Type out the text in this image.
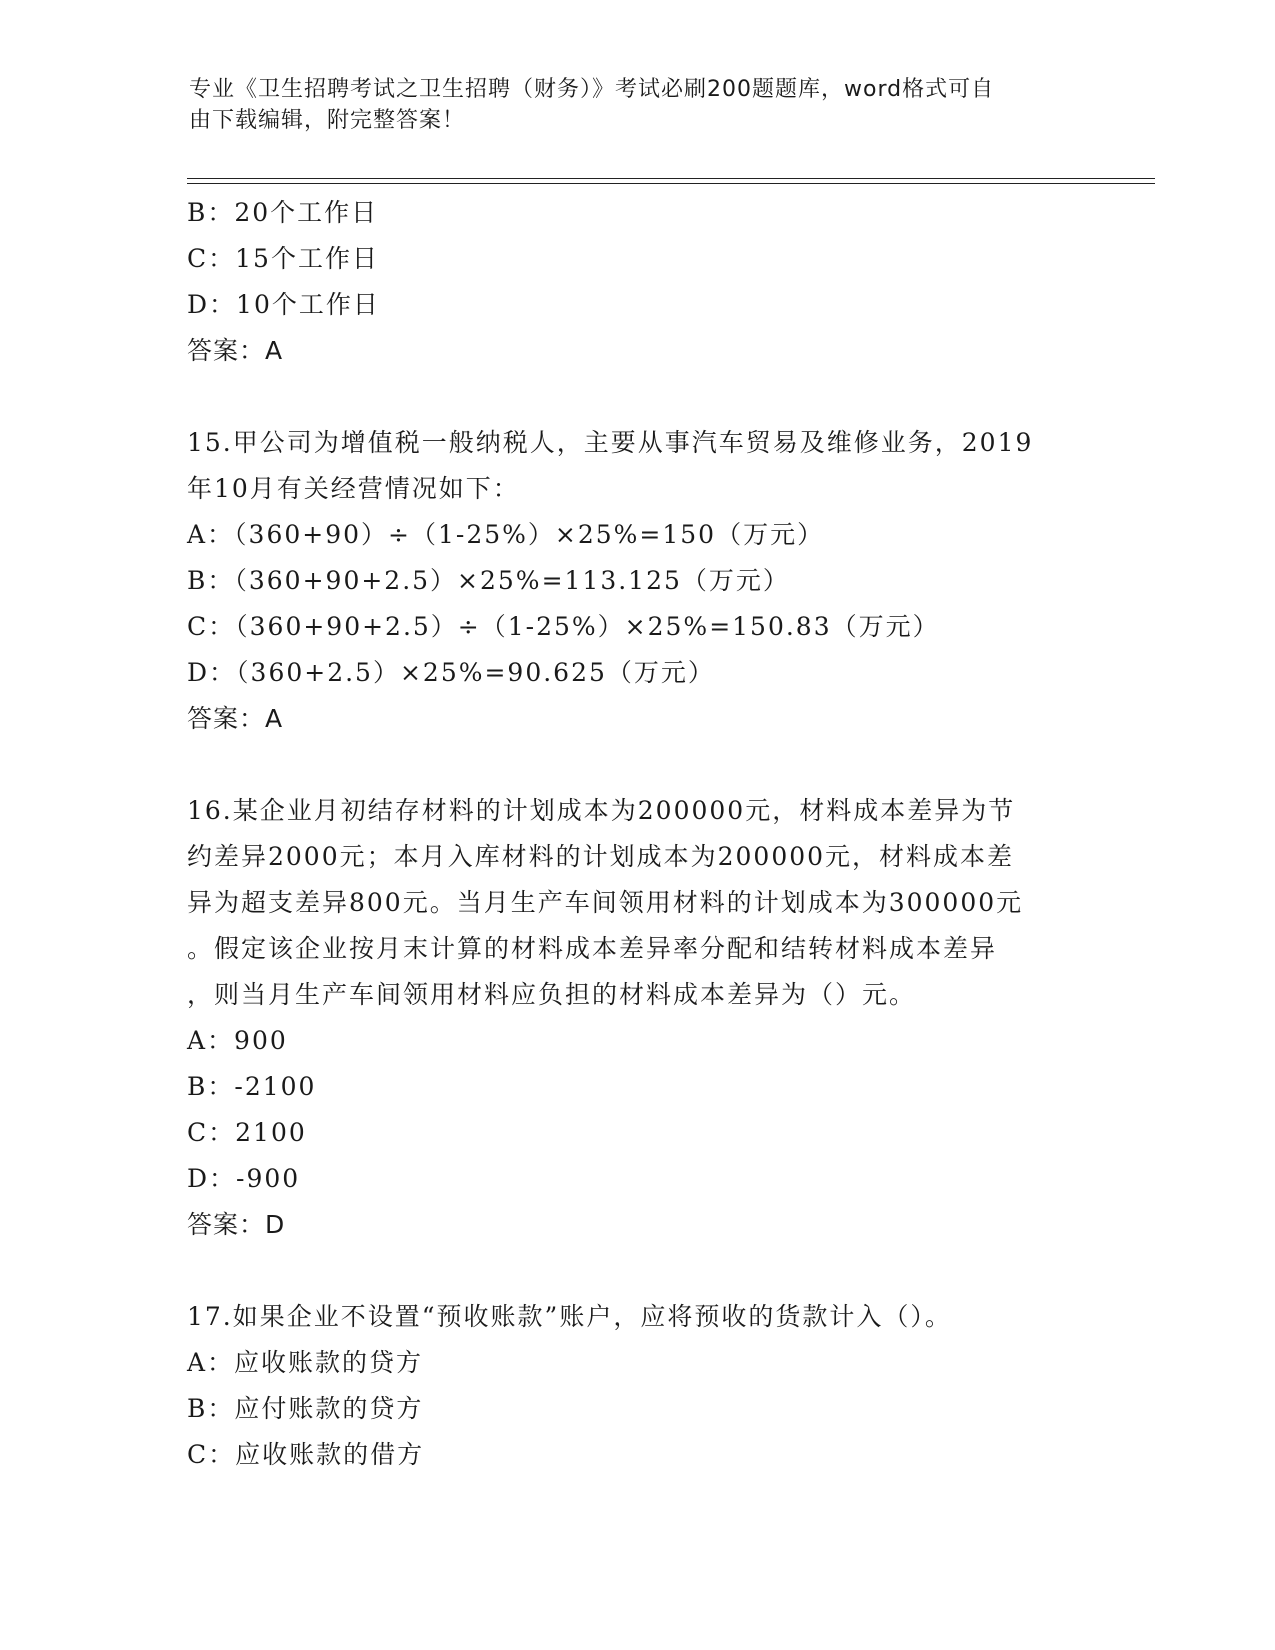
专业《卫生招聘考试之卫生招聘（财务）》考试必刷200题题库，word格式可自
由下载编辑，附完整答案！
B：20个工作日
C：15个工作日
D：10个工作日
答案：A
15.甲公司为增值税一般纳税人，主要从事汽车贸易及维修业务，2019
年10月有关经营情况如下：
A：（360+90）÷（1-25%）×25%=150（万元）
B：（360+90+2.5）×25%=113.125（万元）
C：（360+90+2.5）÷（1-25%）×25%=150.83（万元）
D：（360+2.5）×25%=90.625（万元）
答案：A
16.某企业月初结存材料的计划成本为200000元，材料成本差异为节
约差异2000元；本月入库材料的计划成本为200000元，材料成本差
异为超支差异800元。当月生产车间领用材料的计划成本为300000元
。假定该企业按月末计算的材料成本差异率分配和结转材料成本差异
，则当月生产车间领用材料应负担的材料成本差异为（）元。
A：900
B：-2100
C：2100
D：-900
答案：D
17.如果企业不设置“预收账款”账户，应将预收的货款计入（）。
A：应收账款的贷方
B：应付账款的贷方
C：应收账款的借方
